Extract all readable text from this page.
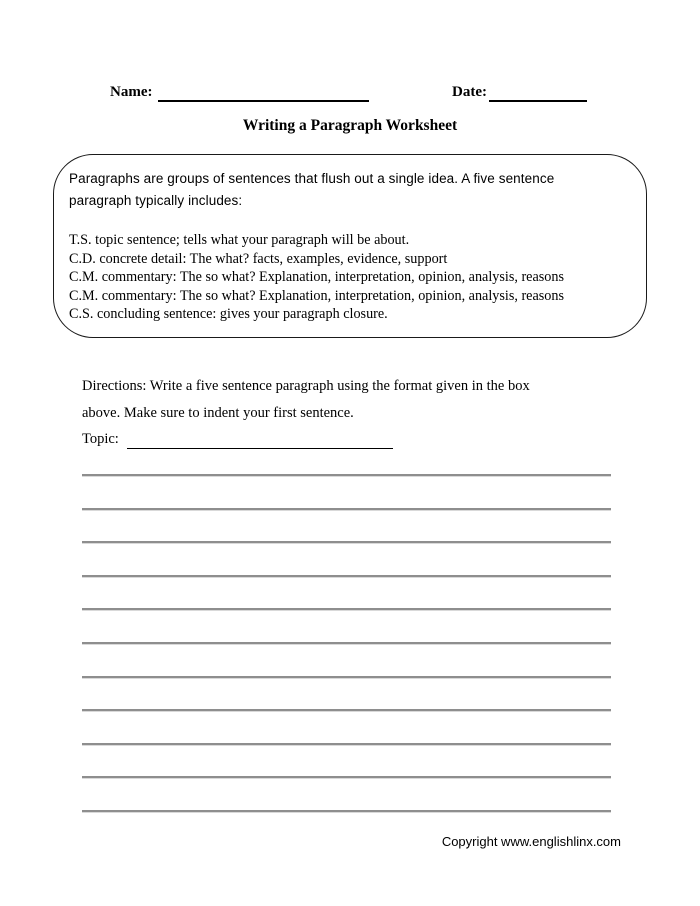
Name:	Date:
Writing a Paragraph Worksheet
Paragraphs are groups of sentences that flush out a single idea. A five sentence
paragraph typically includes:
T.S. topic sentence; tells what your paragraph will be about.
C.D. concrete detail: The what? facts, examples, evidence, support
C.M. commentary: The so what? Explanation, interpretation, opinion, analysis, reasons
C.M. commentary: The so what? Explanation, interpretation, opinion, analysis, reasons
C.S. concluding sentence: gives your paragraph closure.
Directions: Write a five sentence paragraph using the format given in the box
above. Make sure to indent your first sentence.
Topic:
Copyright www.englishlinx.com
